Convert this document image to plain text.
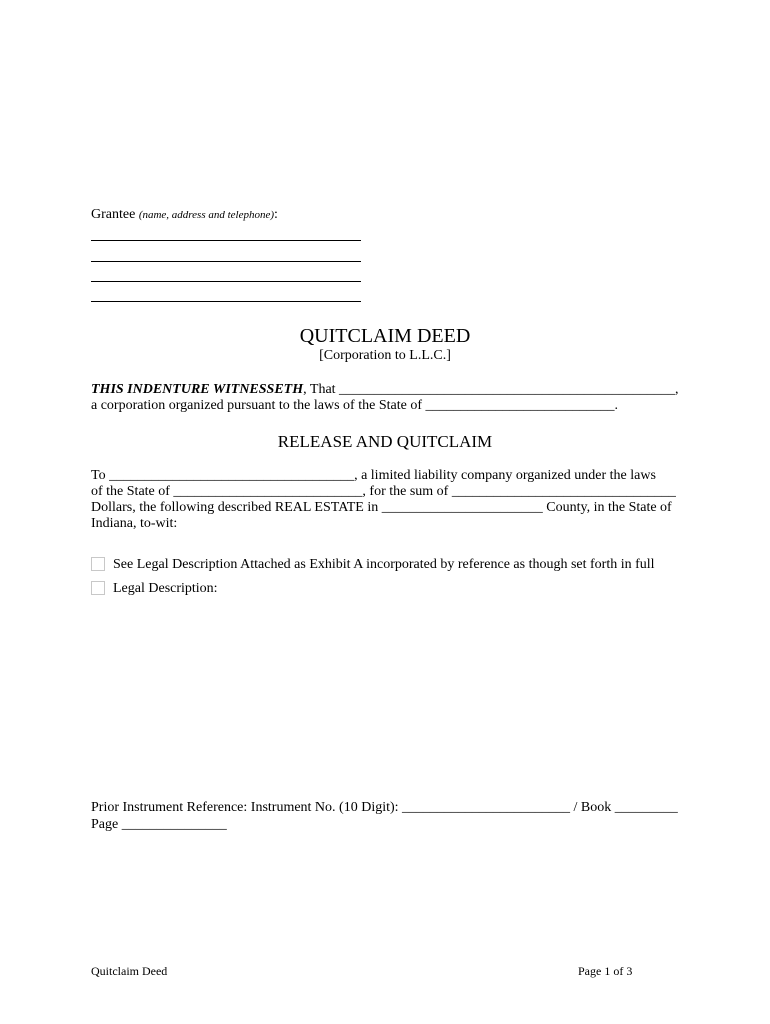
Grantee (name, address and telephone):
QUITCLAIM DEED
[Corporation to L.L.C.]
THIS INDENTURE WITNESSETH, That ________________________________________________,
a corporation organized pursuant to the laws of the State of ___________________________.
RELEASE AND QUITCLAIM
To ___________________________________, a limited liability company organized under the laws
of the State of ___________________________, for the sum of ________________________________
Dollars, the following described REAL ESTATE in _______________________ County, in the State of
Indiana, to-wit:
See Legal Description Attached as Exhibit A incorporated by reference as though set forth in full
Legal Description:
Prior Instrument Reference: Instrument No. (10 Digit): ________________________ / Book _________
Page _______________
Quitclaim Deed	Page 1 of 3
